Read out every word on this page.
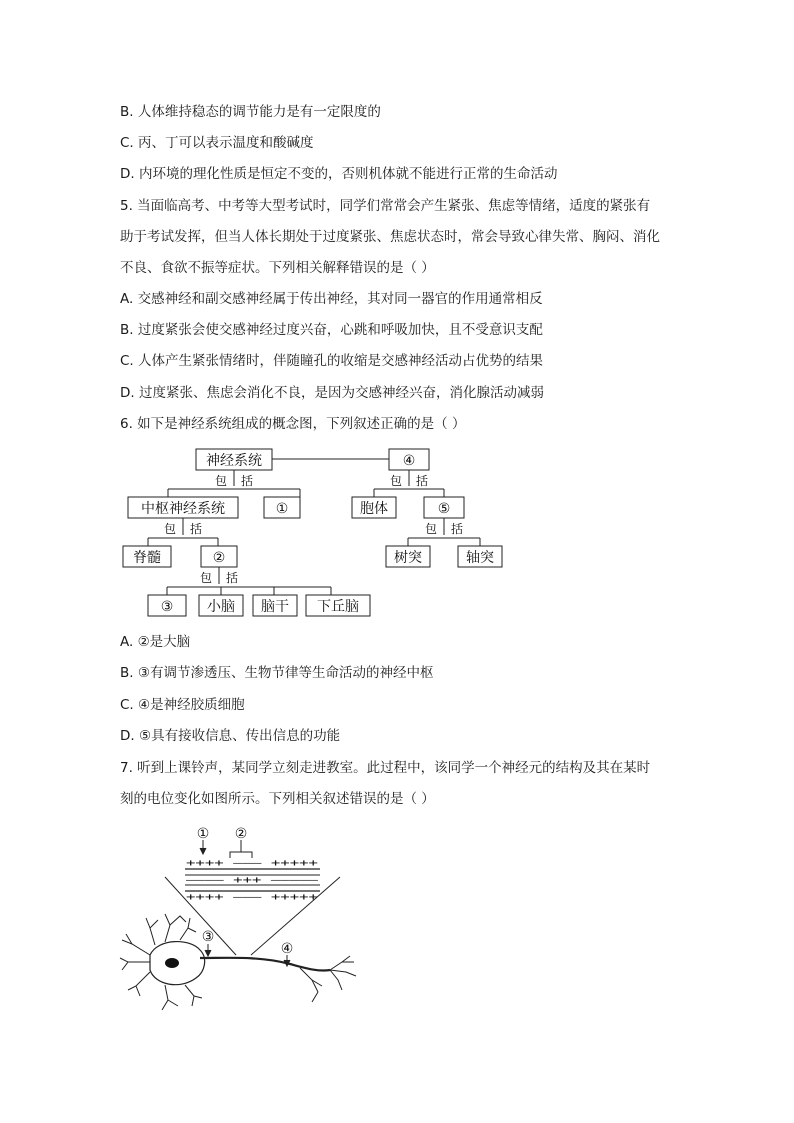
B. 人体维持稳态的调节能力是有一定限度的
C. 丙、丁可以表示温度和酸碱度
D. 内环境的理化性质是恒定不变的，否则机体就不能进行正常的生命活动
5. 当面临高考、中考等大型考试时，同学们常常会产生紧张、焦虑等情绪，适度的紧张有
助于考试发挥，但当人体长期处于过度紧张、焦虑状态时，常会导致心律失常、胸闷、消化
不良、食欲不振等症状。下列相关解释错误的是（ ）
A. 交感神经和副交感神经属于传出神经，其对同一器官的作用通常相反
B. 过度紧张会使交感神经过度兴奋，心跳和呼吸加快，且不受意识支配
C. 人体产生紧张情绪时，伴随瞳孔的收缩是交感神经活动占优势的结果
D. 过度紧张、焦虑会消化不良，是因为交感神经兴奋，消化腺活动减弱
6. 如下是神经系统组成的概念图，下列叙述正确的是（ ）
神经系统	④
中枢神经系统	①	胞体	⑤
脊髓	②	树突	轴突
③ 小脑 脑干 下丘脑
包 括	包 括
包 括	包 括
包 括
A. ②是大脑
B. ③有调节渗透压、生物节律等生命活动的神经中枢
C. ④是神经胶质细胞
D. ⑤具有接收信息、传出信息的功能
7. 听到上课铃声，某同学立刻走进教室。此过程中，该同学一个神经元的结构及其在某时
刻的电位变化如图所示。下列相关叙述错误的是（ ）
① ②
③
④
++++ ——— +++++
———— +++ —————
++++ ——— +++++
